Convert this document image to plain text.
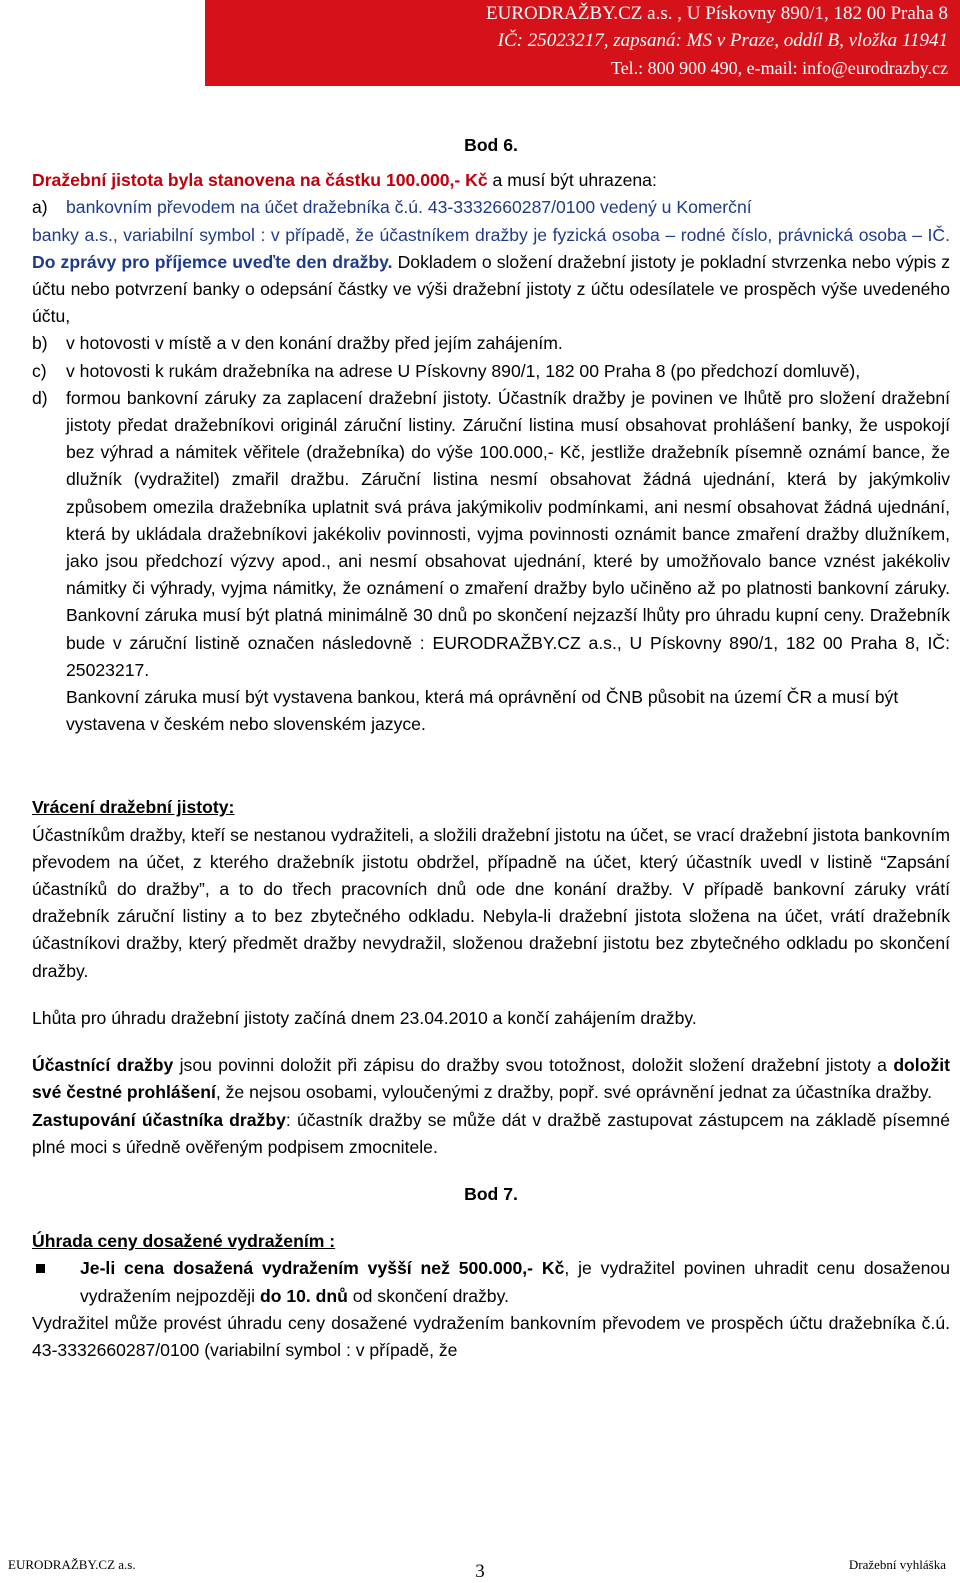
EURODRAŽBY.CZ a.s. , U Pískovny 890/1, 182 00 Praha 8
IČ: 25023217, zapsaná: MS v Praze, oddíl B, vložka 11941
Tel.: 800 900 490, e-mail: info@eurodrazby.cz

Bod 6.

Dražební jistota byla stanovena na částku 100.000,- Kč a musí být uhrazena:

a) bankovním převodem na účet dražebníka č.ú. 43-3332660287/0100 vedený u Komerční

banky a.s., variabilní symbol : v případě, že účastníkem dražby je fyzická osoba – rodné číslo, právnická osoba – IČ. Do zprávy pro příjemce uveďte den dražby. Dokladem o složení dražební jistoty je pokladní stvrzenka nebo výpis z účtu nebo potvrzení banky o odepsání částky ve výši dražební jistoty z účtu odesílatele ve prospěch výše uvedeného účtu,

b) v hotovosti v místě a v den konání dražby před jejím zahájením.
c) v hotovosti k rukám dražebníka na adrese U Pískovny 890/1, 182 00 Praha 8 (po předchozí domluvě),
d) formou bankovní záruky za zaplacení dražební jistoty. Účastník dražby je povinen ve lhůtě pro složení dražební jistoty předat dražebníkovi originál záruční listiny. Záruční listina musí obsahovat prohlášení banky, že uspokojí bez výhrad a námitek věřitele (dražebníka) do výše 100.000,- Kč, jestliže dražebník písemně oznámí bance, že dlužník (vydražitel) zmařil dražbu. Záruční listina nesmí obsahovat žádná ujednání, která by jakýmkoliv způsobem omezila dražebníka uplatnit svá práva jakýmikoliv podmínkami, ani nesmí obsahovat žádná ujednání, která by ukládala dražebníkovi jakékoliv povinnosti, vyjma povinnosti oznámit bance zmaření dražby dlužníkem, jako jsou předchozí výzvy apod., ani nesmí obsahovat ujednání, které by umožňovalo bance vznést jakékoliv námitky či výhrady, vyjma námitky, že oznámení o zmaření dražby bylo učiněno až po platnosti bankovní záruky. Bankovní záruka musí být platná minimálně 30 dnů po skončení nejzazší lhůty pro úhradu kupní ceny. Dražebník bude v záruční listině označen následovně : EURODRAŽBY.CZ a.s., U Pískovny 890/1, 182 00 Praha 8, IČ: 25023217.

Bankovní záruka musí být vystavena bankou, která má oprávnění od ČNB působit na území ČR a musí být vystavena v českém nebo slovenském jazyce.

Vrácení dražební jistoty:

Účastníkům dražby, kteří se nestanou vydražiteli, a složili dražební jistotu na účet, se vrací dražební jistota bankovním převodem na účet, z kterého dražebník jistotu obdržel, případně na účet, který účastník uvedl v listině “Zapsání účastníků do dražby”, a to do třech pracovních dnů ode dne konání dražby. V případě bankovní záruky vrátí dražebník záruční listiny a to bez zbytečného odkladu. Nebyla-li dražební jistota složena na účet, vrátí dražebník účastníkovi dražby, který předmět dražby nevydražil, složenou dražební jistotu bez zbytečného odkladu po skončení dražby.

Lhůta pro úhradu dražební jistoty začíná dnem 23.04.2010 a končí zahájením dražby.

Účastnící dražby jsou povinni doložit při zápisu do dražby svou totožnost, doložit složení dražební jistoty a doložit své čestné prohlášení, že nejsou osobami, vyloučenými z dražby, popř. své oprávnění jednat za účastníka dražby.

Zastupování účastníka dražby: účastník dražby se může dát v dražbě zastupovat zástupcem na základě písemné plné moci s úředně ověřeným podpisem zmocnitele.

Bod 7.

Úhrada ceny dosažené vydražením :

Je-li cena dosažená vydražením vyšší než 500.000,- Kč, je vydražitel povinen uhradit cenu dosaženou vydražením nejpozději do 10. dnů od skončení dražby.

Vydražitel může provést úhradu ceny dosažené vydražením bankovním převodem ve prospěch účtu dražebníka č.ú. 43-3332660287/0100 (variabilní symbol : v případě, že

EURODRAŽBY.CZ a.s.	3	Dražební vyhláška
